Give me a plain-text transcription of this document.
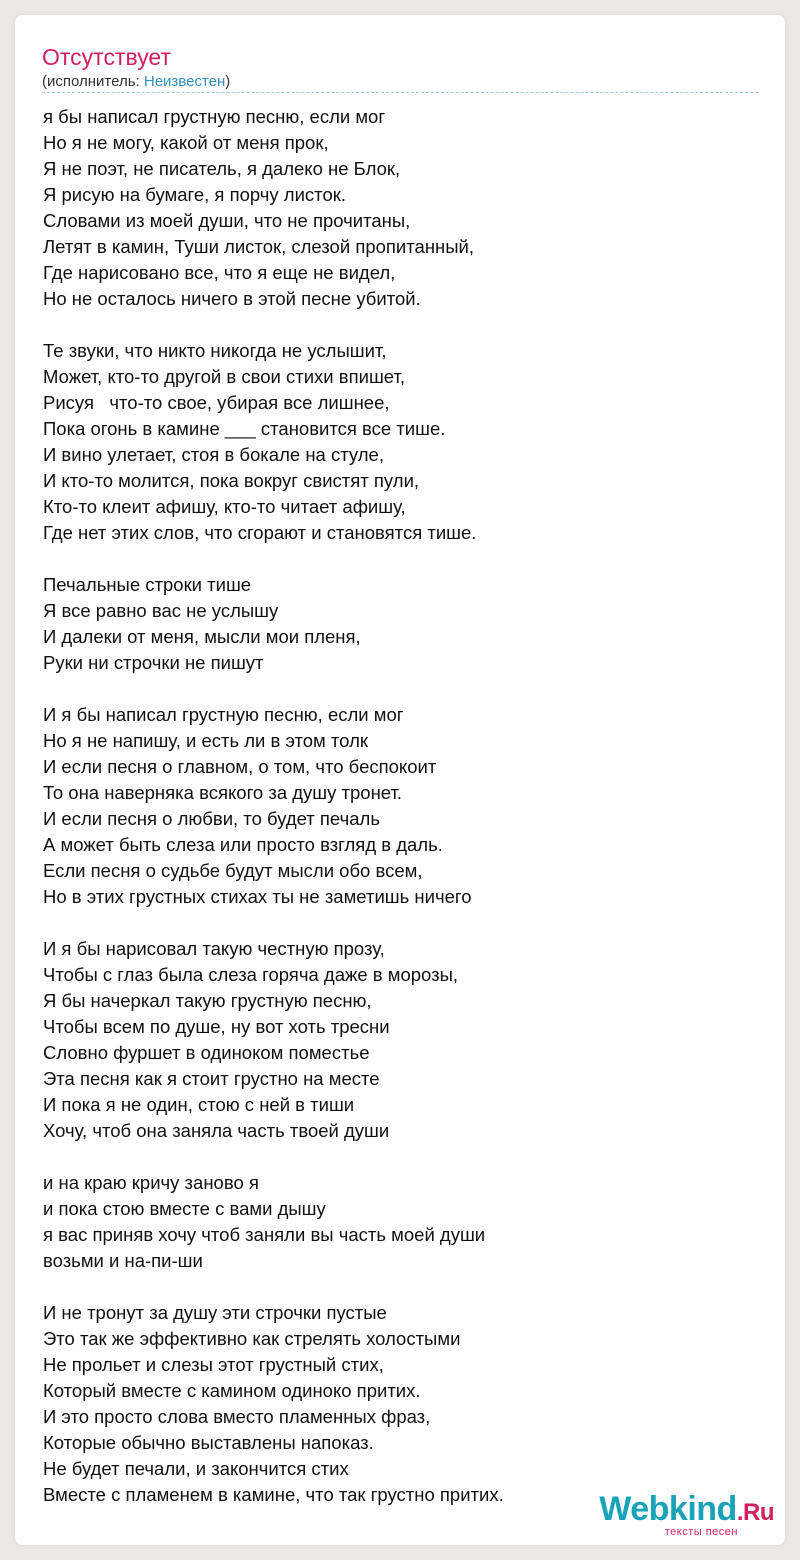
Отсутствует
(исполнитель: Неизвестен)
я бы написал грустную песню, если мог
Но я не могу, какой от меня прок,
Я не поэт, не писатель, я далеко не Блок,
Я рисую на бумаге, я порчу листок.
Словами из моей души, что не прочитаны,
Летят в камин, Туши листок, слезой пропитанный,
Где нарисовано все, что я еще не видел,
Но не осталось ничего в этой песне убитой.
Те звуки, что никто никогда не услышит,
Может, кто-то другой в свои стихи впишет,
Рисуя   что-то свое, убирая все лишнее,
Пока огонь в камине ___ становится все тише.
И вино улетает, стоя в бокале на стуле,
И кто-то молится, пока вокруг свистят пули,
Кто-то клеит афишу, кто-то читает афишу,
Где нет этих слов, что сгорают и становятся тише.
Печальные строки тише
Я все равно вас не услышу
И далеки от меня, мысли мои пленя,
Руки ни строчки не пишут
И я бы написал грустную песню, если мог
Но я не напишу, и есть ли в этом толк
И если песня о главном, о том, что беспокоит
То она наверняка всякого за душу тронет.
И если песня о любви, то будет печаль
А может быть слеза или просто взгляд в даль.
Если песня о судьбе будут мысли обо всем,
Но в этих грустных стихах ты не заметишь ничего
И я бы нарисовал такую честную прозу,
Чтобы с глаз была слеза горяча даже в морозы,
Я бы начеркал такую грустную песню,
Чтобы всем по душе, ну вот хоть тресни
Словно фуршет в одиноком поместье
Эта песня как я стоит грустно на месте
И пока я не один, стою с ней в тиши
Хочу, чтоб она заняла часть твоей души
и на краю кричу заново я
и пока стою вместе с вами дышу
я вас приняв хочу чтоб заняли вы часть моей души
возьми и на-пи-ши
И не тронут за душу эти строчки пустые
Это так же эффективно как стрелять холостыми
Не прольет и слезы этот грустный стих,
Который вместе с камином одиноко притих.
И это просто слова вместо пламенных фраз,
Которые обычно выставлены напоказ.
Не будет печали, и закончится стих
Вместе с пламенем в камине, что так грустно притих.	Webkind.Ru
тексты песен
